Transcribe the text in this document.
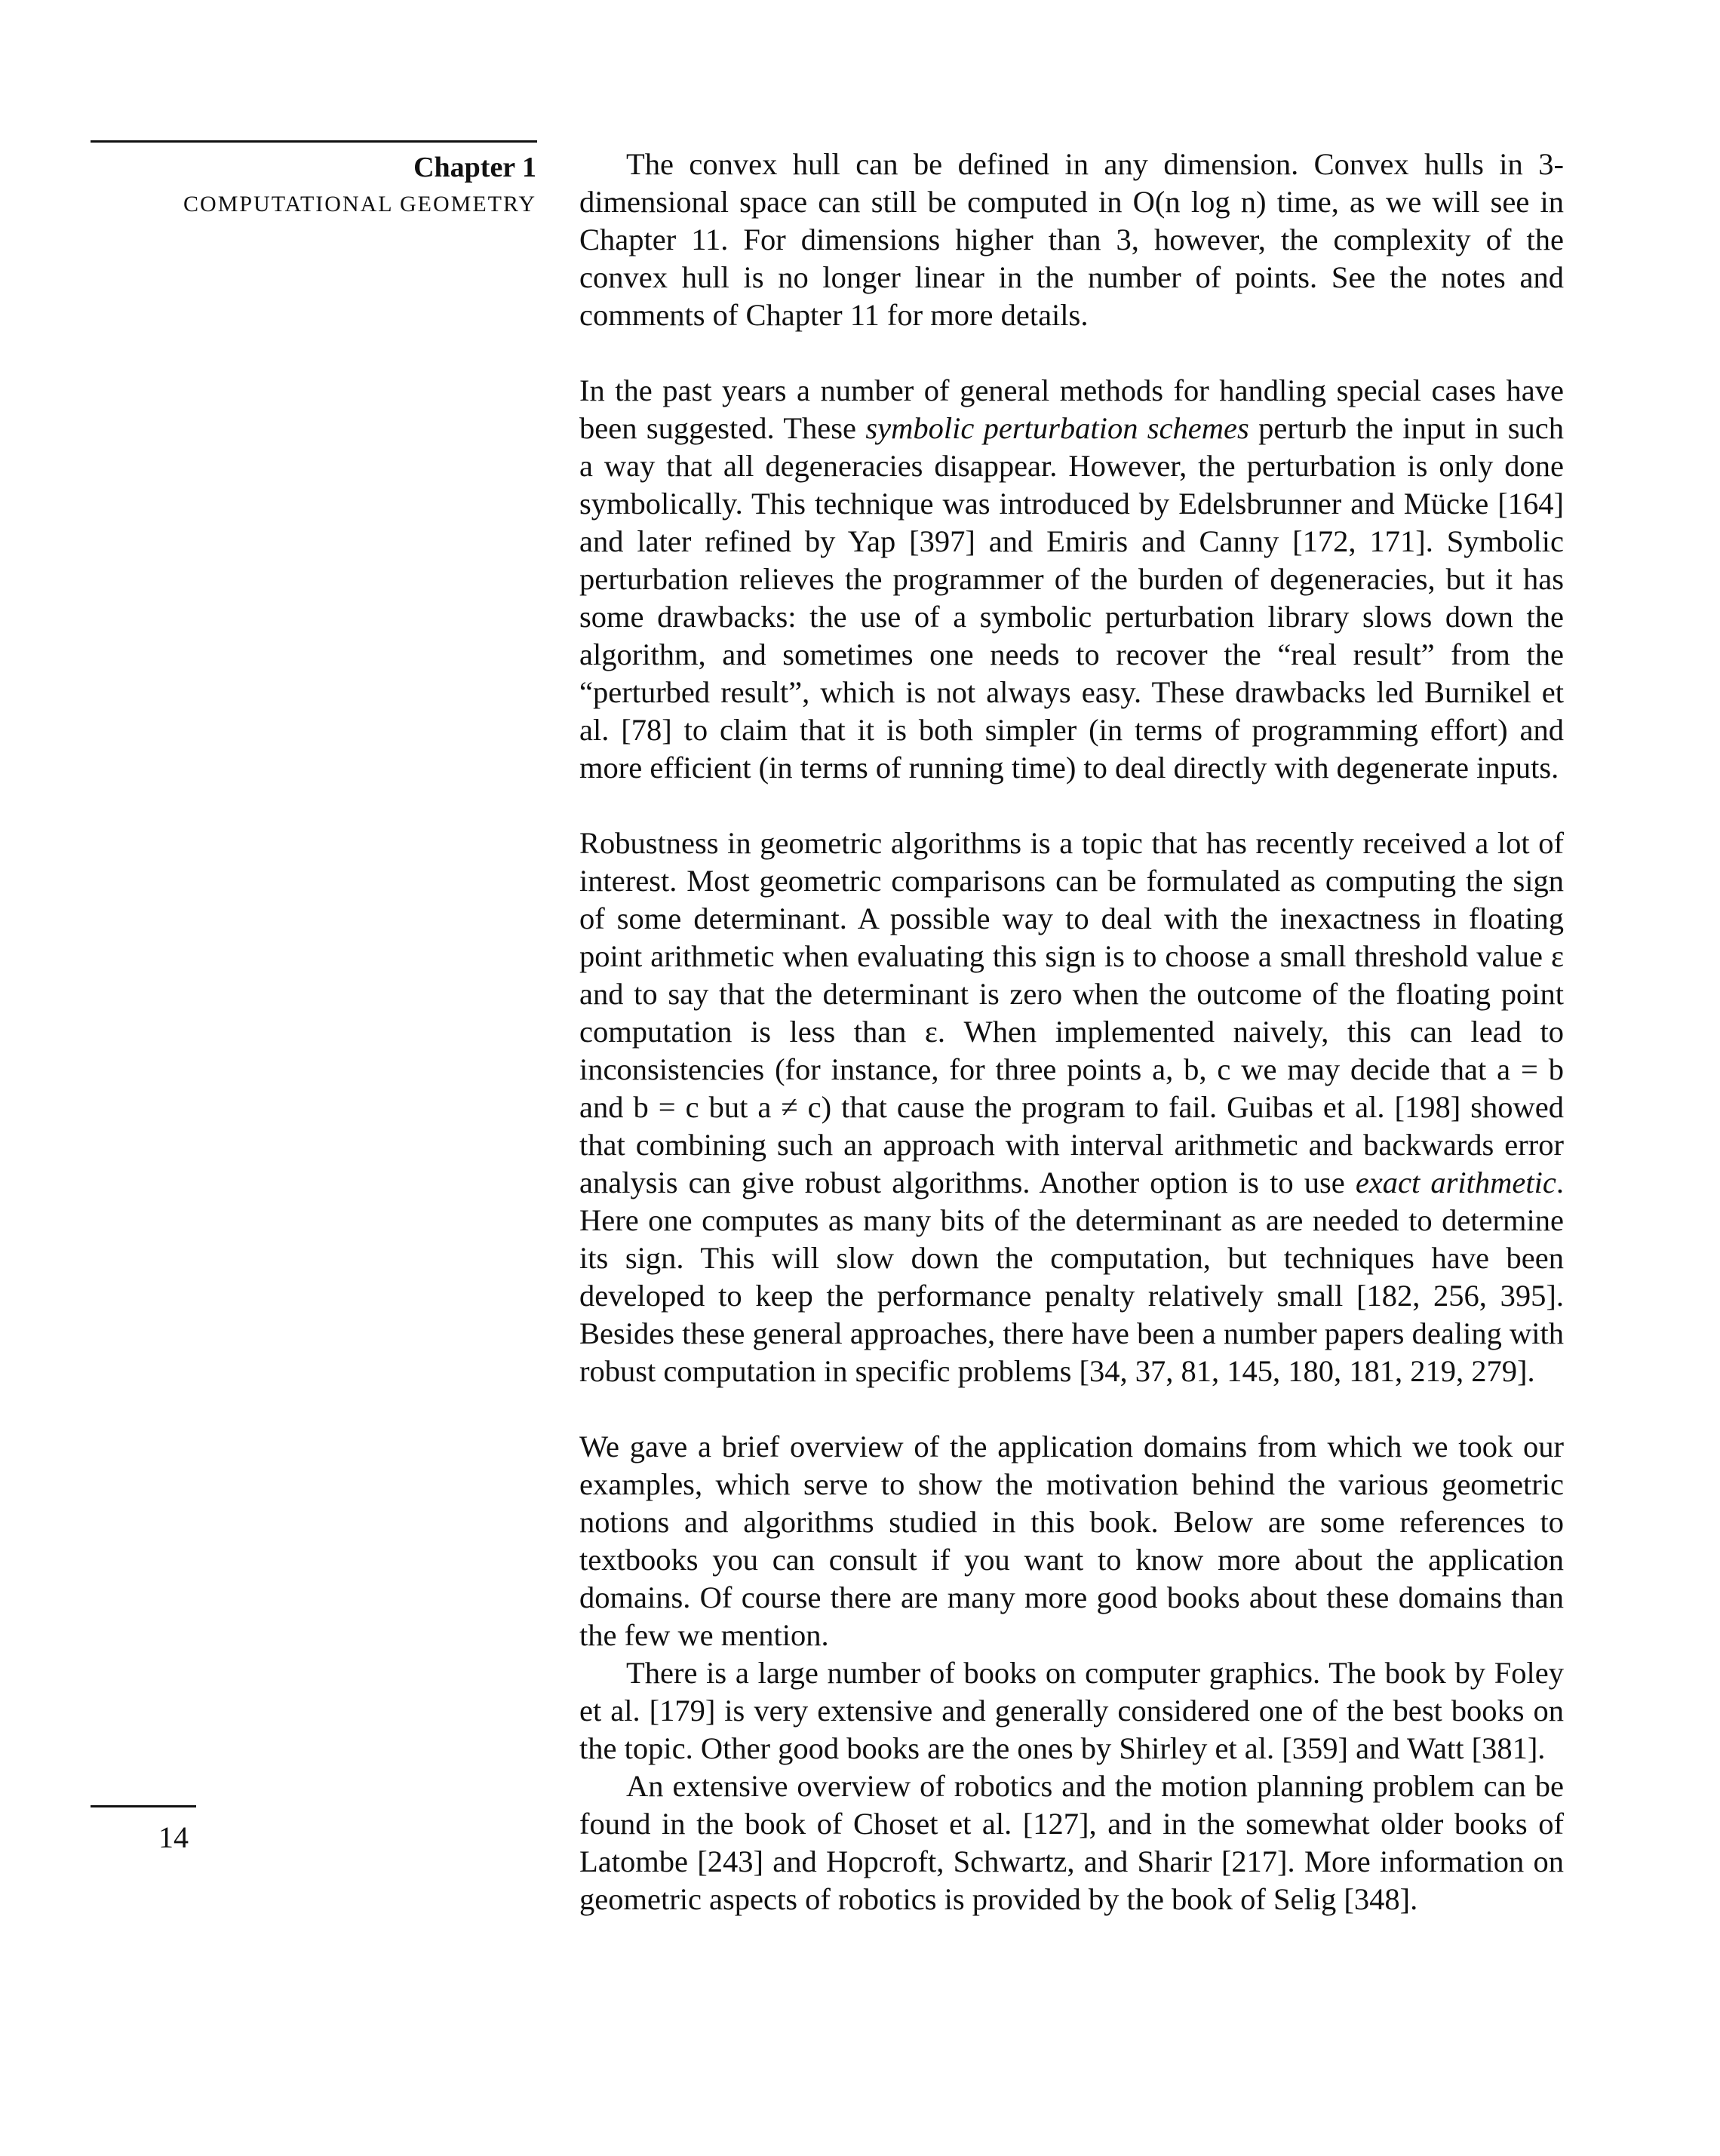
Chapter 1
COMPUTATIONAL GEOMETRY
14

The convex hull can be defined in any dimension. Convex hulls in 3-dimensional space can still be computed in O(n log n) time, as we will see in Chapter 11. For dimensions higher than 3, however, the complexity of the convex hull is no longer linear in the number of points. See the notes and comments of Chapter 11 for more details.

In the past years a number of general methods for handling special cases have been suggested. These symbolic perturbation schemes perturb the input in such a way that all degeneracies disappear. However, the perturbation is only done symbolically. This technique was introduced by Edelsbrunner and Mücke [164] and later refined by Yap [397] and Emiris and Canny [172, 171]. Symbolic perturbation relieves the programmer of the burden of degeneracies, but it has some drawbacks: the use of a symbolic perturbation library slows down the algorithm, and sometimes one needs to recover the “real result” from the “perturbed result”, which is not always easy. These drawbacks led Burnikel et al. [78] to claim that it is both simpler (in terms of programming effort) and more efficient (in terms of running time) to deal directly with degenerate inputs.

Robustness in geometric algorithms is a topic that has recently received a lot of interest. Most geometric comparisons can be formulated as computing the sign of some determinant. A possible way to deal with the inexactness in floating point arithmetic when evaluating this sign is to choose a small threshold value ε and to say that the determinant is zero when the outcome of the floating point computation is less than ε. When implemented naively, this can lead to inconsistencies (for instance, for three points a, b, c we may decide that a = b and b = c but a ≠ c) that cause the program to fail. Guibas et al. [198] showed that combining such an approach with interval arithmetic and backwards error analysis can give robust algorithms. Another option is to use exact arithmetic. Here one computes as many bits of the determinant as are needed to determine its sign. This will slow down the computation, but techniques have been developed to keep the performance penalty relatively small [182, 256, 395]. Besides these general approaches, there have been a number papers dealing with robust computation in specific problems [34, 37, 81, 145, 180, 181, 219, 279].

We gave a brief overview of the application domains from which we took our examples, which serve to show the motivation behind the various geometric notions and algorithms studied in this book. Below are some references to textbooks you can consult if you want to know more about the application domains. Of course there are many more good books about these domains than the few we mention.

There is a large number of books on computer graphics. The book by Foley et al. [179] is very extensive and generally considered one of the best books on the topic. Other good books are the ones by Shirley et al. [359] and Watt [381].

An extensive overview of robotics and the motion planning problem can be found in the book of Choset et al. [127], and in the somewhat older books of Latombe [243] and Hopcroft, Schwartz, and Sharir [217]. More information on geometric aspects of robotics is provided by the book of Selig [348].
